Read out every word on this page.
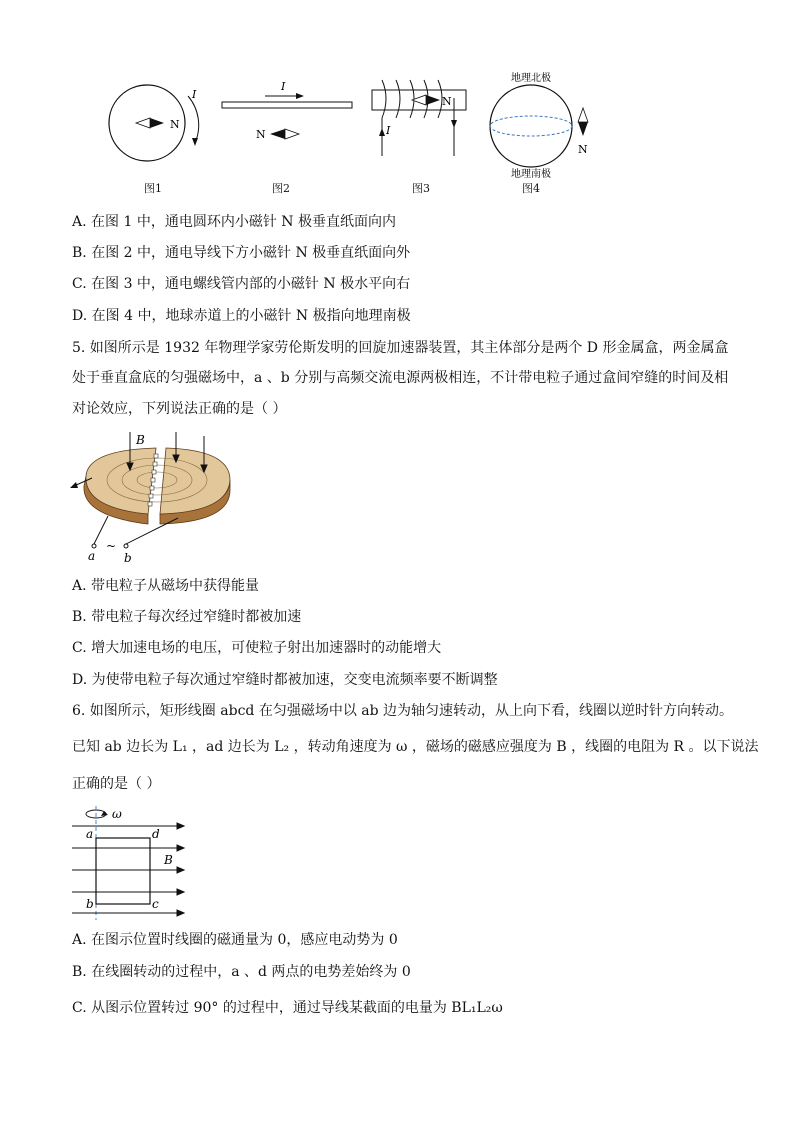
N
I
I
N
N
I
地理北极
地理南极
N
图1	图2	图3	图4
A. 在图 1 中，通电圆环内小磁针 N 极垂直纸面向内
B. 在图 2 中，通电导线下方小磁针 N 极垂直纸面向外
C. 在图 3 中，通电螺线管内部的小磁针 N 极水平向右
D. 在图 4 中，地球赤道上的小磁针 N 极指向地理南极
5. 如图所示是 1932 年物理学家劳伦斯发明的回旋加速器装置，其主体部分是两个 D 形金属盒，两金属盒
处于垂直盒底的匀强磁场中，a 、b 分别与高频交流电源两极相连，不计带电粒子通过盒间窄缝的时间及相
对论效应，下列说法正确的是（ ）
B
~
a b
A. 带电粒子从磁场中获得能量
B. 带电粒子每次经过窄缝时都被加速
C. 增大加速电场的电压，可使粒子射出加速器时的动能增大
D. 为使带电粒子每次通过窄缝时都被加速，交变电流频率要不断调整
6. 如图所示，矩形线圈 abcd 在匀强磁场中以 ab 边为轴匀速转动，从上向下看，线圈以逆时针方向转动。
已知 ab 边长为 L₁ ，ad 边长为 L₂ ，转动角速度为 ω ，磁场的磁感应强度为 B ，线圈的电阻为 R 。以下说法
正确的是（ ）
ω
a	d
b	c
B
A. 在图示位置时线圈的磁通量为 0，感应电动势为 0
B. 在线圈转动的过程中，a 、d 两点的电势差始终为 0
C. 从图示位置转过 90° 的过程中，通过导线某截面的电量为 BL₁L₂ω
